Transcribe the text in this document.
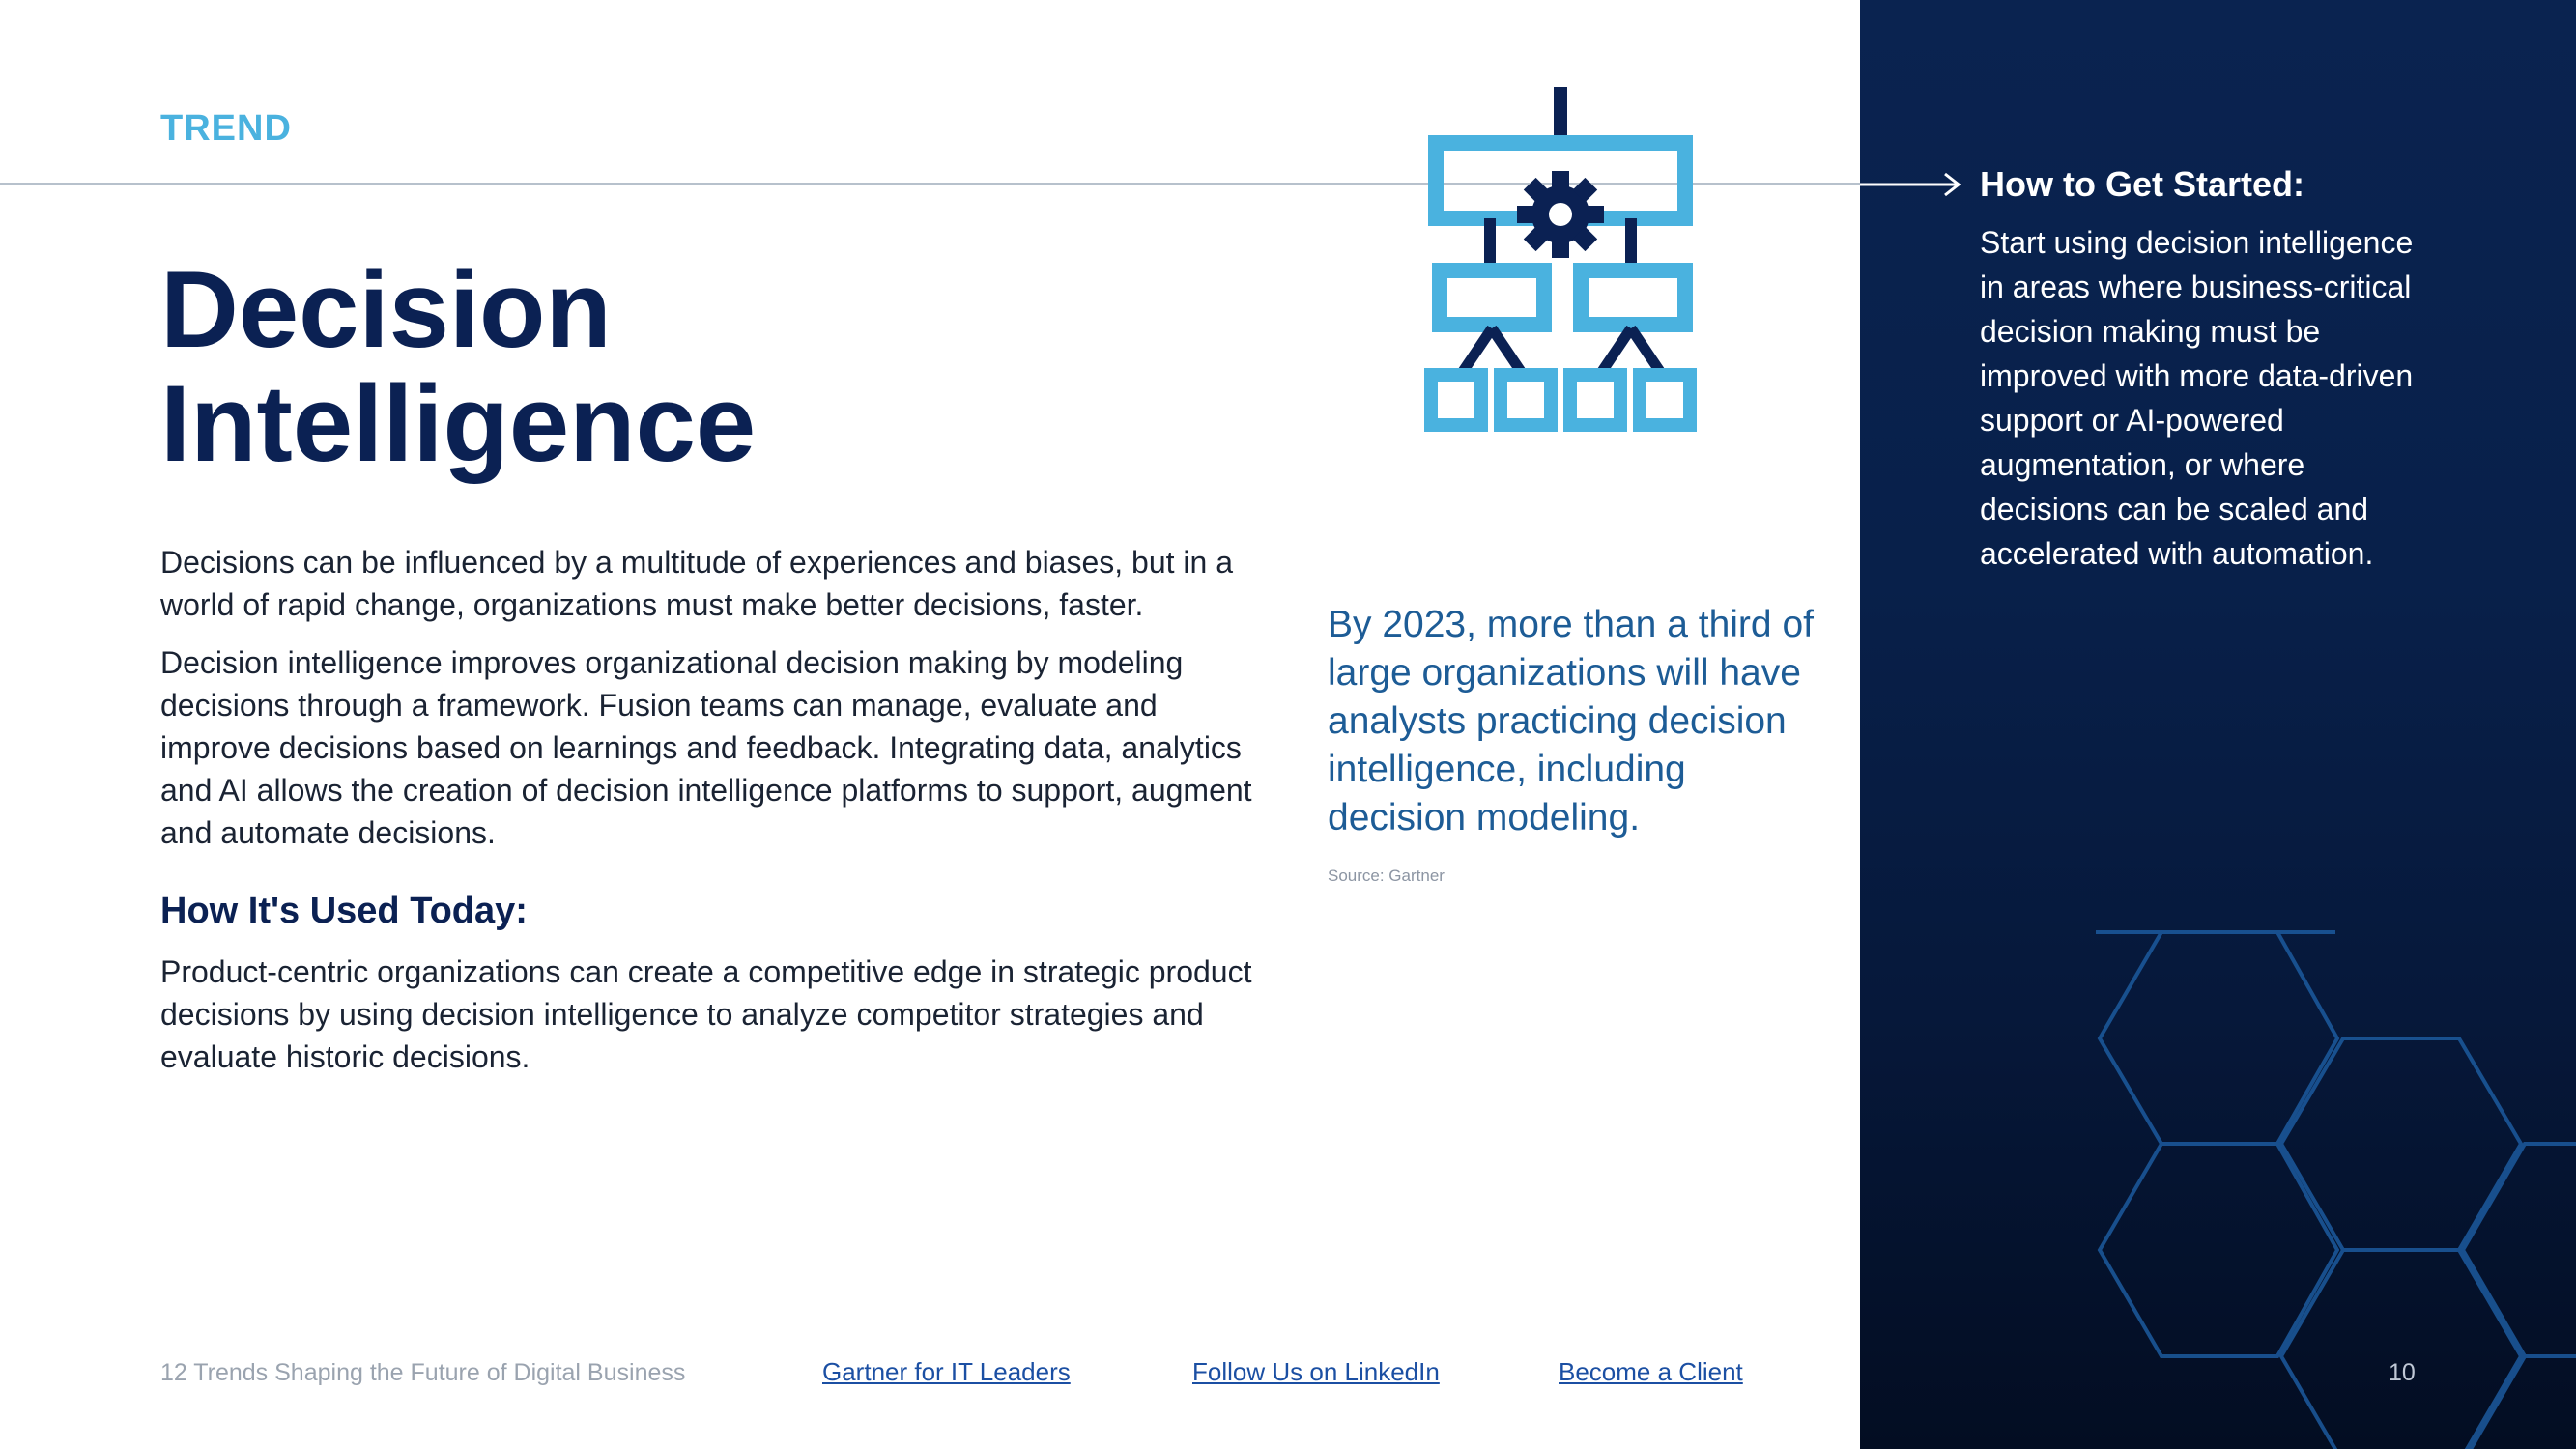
TREND
Decision
Intelligence

Decisions can be influenced by a multitude of experiences and biases, but in a world of rapid change, organizations must make better decisions, faster.

Decision intelligence improves organizational decision making by modeling decisions through a framework. Fusion teams can manage, evaluate and improve decisions based on learnings and feedback. Integrating data, analytics and AI allows the creation of decision intelligence platforms to support, augment and automate decisions.

How It's Used Today:

Product-centric organizations can create a competitive edge in strategic product decisions by using decision intelligence to analyze competitor strategies and evaluate historic decisions.

By 2023, more than a third of large organizations will have analysts practicing decision intelligence, including decision modeling.

Source: Gartner
How to Get Started:

Start using decision intelligence in areas where business-critical decision making must be improved with more data-driven support or AI-powered augmentation, or where decisions can be scaled and accelerated with automation.

10
12 Trends Shaping the Future of Digital Business	Gartner for IT Leaders	Follow Us on LinkedIn	Become a Client
